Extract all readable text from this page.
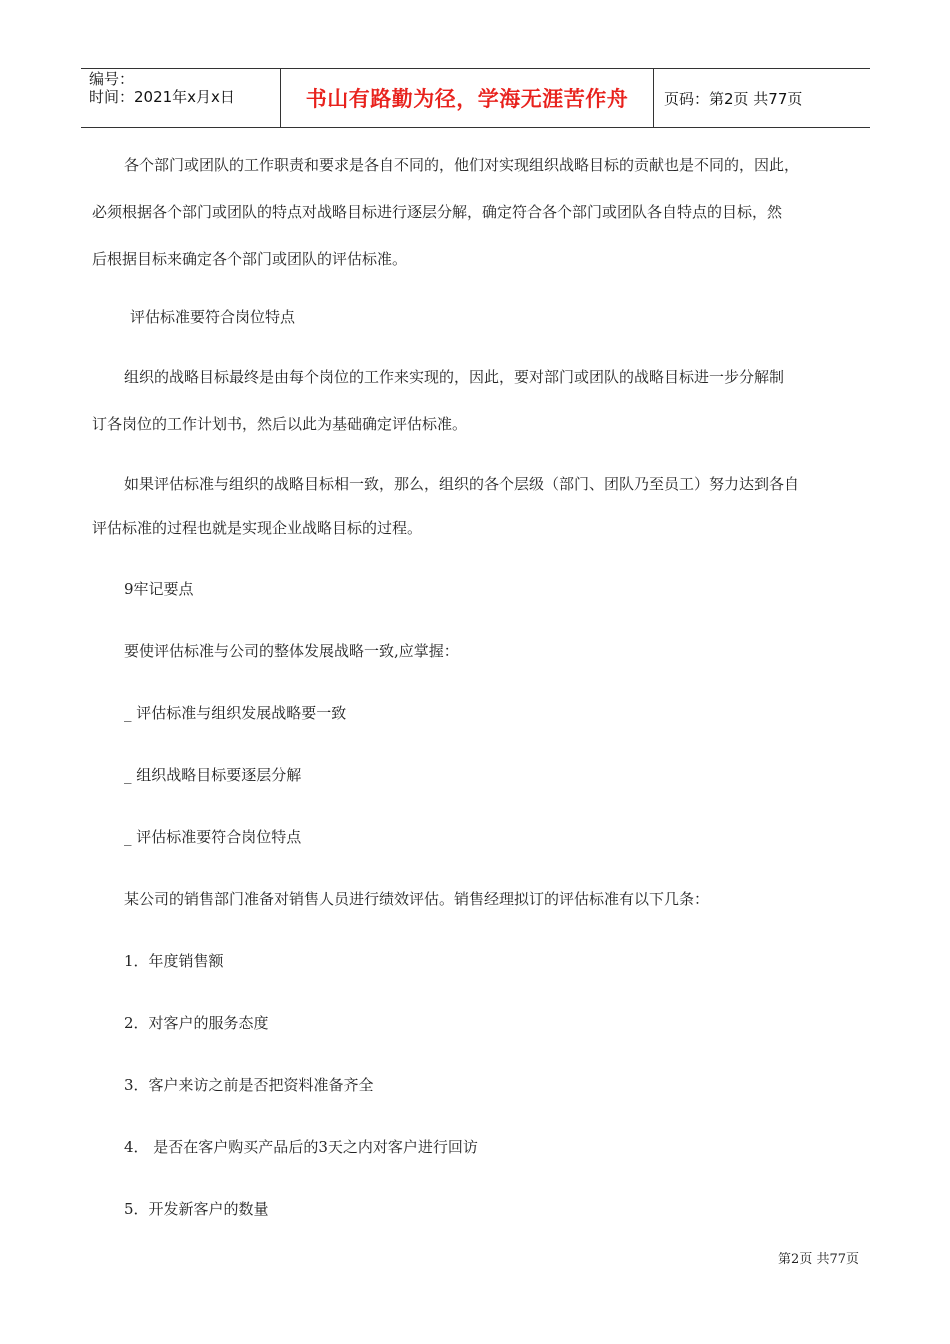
编号：
时间：2021年x月x日	书山有路勤为径，学海无涯苦作舟	页码：第2页 共77页
各个部门或团队的工作职责和要求是各自不同的，他们对实现组织战略目标的贡献也是不同的，因此，
必须根据各个部门或团队的特点对战略目标进行逐层分解，确定符合各个部门或团队各自特点的目标，然
后根据目标来确定各个部门或团队的评估标准。
评估标准要符合岗位特点
组织的战略目标最终是由每个岗位的工作来实现的，因此，要对部门或团队的战略目标进一步分解制
订各岗位的工作计划书，然后以此为基础确定评估标准。
如果评估标准与组织的战略目标相一致，那么，组织的各个层级（部门、团队乃至员工）努力达到各自
评估标准的过程也就是实现企业战略目标的过程。
9牢记要点
要使评估标准与公司的整体发展战略一致,应掌握：
_ 评估标准与组织发展战略要一致
_ 组织战略目标要逐层分解
_ 评估标准要符合岗位特点
某公司的销售部门准备对销售人员进行绩效评估。销售经理拟订的评估标准有以下几条：
1．年度销售额
2．对客户的服务态度
3．客户来访之前是否把资料准备齐全
4． 是否在客户购买产品后的3天之内对客户进行回访
5．开发新客户的数量
第2页 共77页
